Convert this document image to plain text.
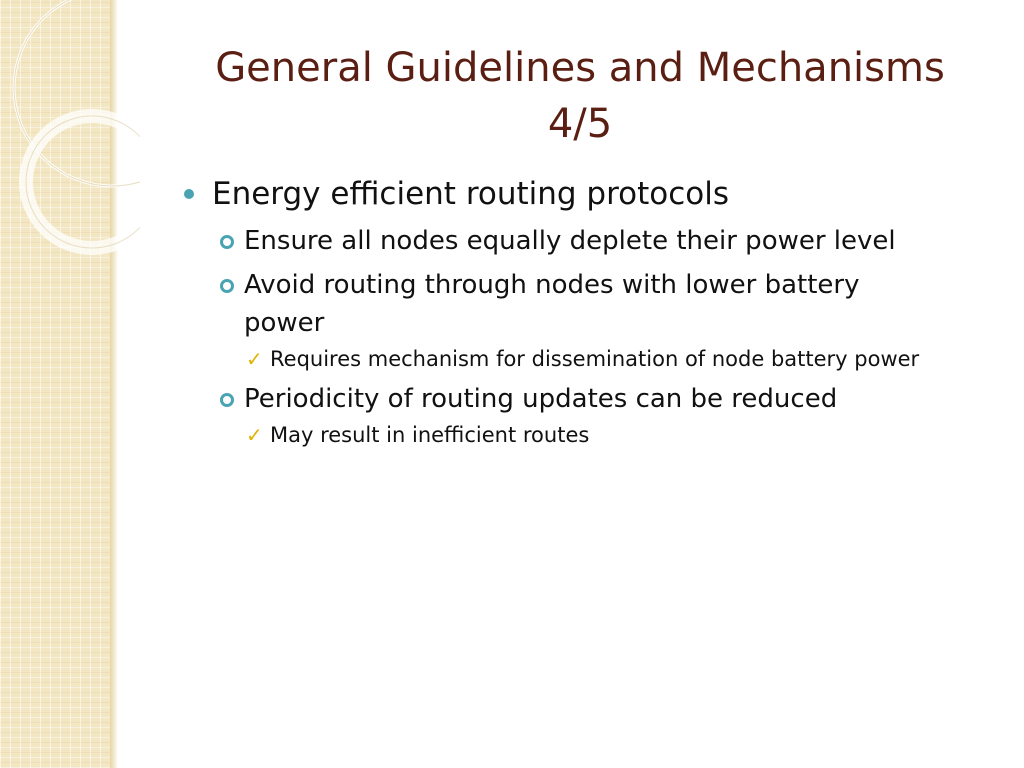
General Guidelines and Mechanisms
4/5
Energy efficient routing protocols
Ensure all nodes equally deplete their power level
Avoid routing through nodes with lower battery power
✓ Requires mechanism for dissemination of node battery power
Periodicity of routing updates can be reduced
✓ May result in inefficient routes
